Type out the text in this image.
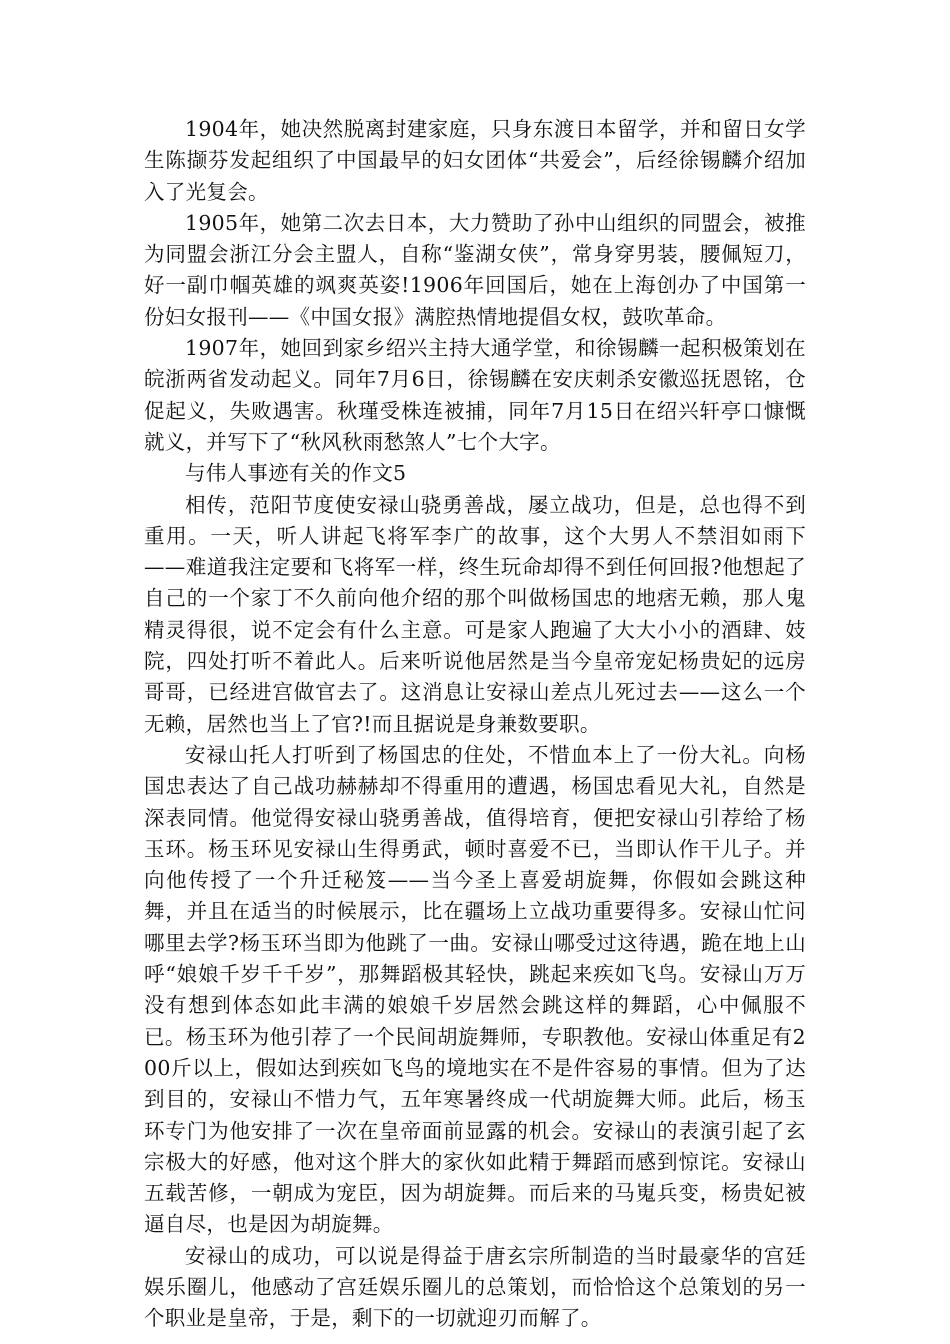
1904年，她决然脱离封建家庭，只身东渡日本留学，并和留日女学生陈撷芬发起组织了中国最早的妇女团体“共爱会”，后经徐锡麟介绍加入了光复会。

1905年，她第二次去日本，大力赞助了孙中山组织的同盟会，被推为同盟会浙江分会主盟人，自称“鉴湖女侠”，常身穿男装，腰佩短刀，好一副巾帼英雄的飒爽英姿!1906年回国后，她在上海创办了中国第一份妇女报刊——《中国女报》满腔热情地提倡女权，鼓吹革命。

1907年，她回到家乡绍兴主持大通学堂，和徐锡麟一起积极策划在皖浙两省发动起义。同年7月6日，徐锡麟在安庆刺杀安徽巡抚恩铭，仓促起义，失败遇害。秋瑾受株连被捕，同年7月15日在绍兴轩亭口慷慨就义，并写下了“秋风秋雨愁煞人”七个大字。

与伟人事迹有关的作文5

相传，范阳节度使安禄山骁勇善战，屡立战功，但是，总也得不到重用。一天，听人讲起飞将军李广的故事，这个大男人不禁泪如雨下——难道我注定要和飞将军一样，终生玩命却得不到任何回报?他想起了自己的一个家丁不久前向他介绍的那个叫做杨国忠的地痞无赖，那人鬼精灵得很，说不定会有什么主意。可是家人跑遍了大大小小的酒肆、妓院，四处打听不着此人。后来听说他居然是当今皇帝宠妃杨贵妃的远房哥哥，已经进宫做官去了。这消息让安禄山差点儿死过去——这么一个无赖，居然也当上了官?!而且据说是身兼数要职。

安禄山托人打听到了杨国忠的住处，不惜血本上了一份大礼。向杨国忠表达了自己战功赫赫却不得重用的遭遇，杨国忠看见大礼，自然是深表同情。他觉得安禄山骁勇善战，值得培育，便把安禄山引荐给了杨玉环。杨玉环见安禄山生得勇武，顿时喜爱不已，当即认作干儿子。并向他传授了一个升迁秘笈——当今圣上喜爱胡旋舞，你假如会跳这种舞，并且在适当的时候展示，比在疆场上立战功重要得多。安禄山忙问哪里去学?杨玉环当即为他跳了一曲。安禄山哪受过这待遇，跪在地上山呼“娘娘千岁千千岁”，那舞蹈极其轻快，跳起来疾如飞鸟。安禄山万万没有想到体态如此丰满的娘娘千岁居然会跳这样的舞蹈，心中佩服不已。杨玉环为他引荐了一个民间胡旋舞师，专职教他。安禄山体重足有200斤以上，假如达到疾如飞鸟的境地实在不是件容易的事情。但为了达到目的，安禄山不惜力气，五年寒暑终成一代胡旋舞大师。此后，杨玉环专门为他安排了一次在皇帝面前显露的机会。安禄山的表演引起了玄宗极大的好感，他对这个胖大的家伙如此精于舞蹈而感到惊诧。安禄山五载苦修，一朝成为宠臣，因为胡旋舞。而后来的马嵬兵变，杨贵妃被逼自尽，也是因为胡旋舞。

安禄山的成功，可以说是得益于唐玄宗所制造的当时最豪华的宫廷娱乐圈儿，他感动了宫廷娱乐圈儿的总策划，而恰恰这个总策划的另一个职业是皇帝，于是，剩下的一切就迎刃而解了。
